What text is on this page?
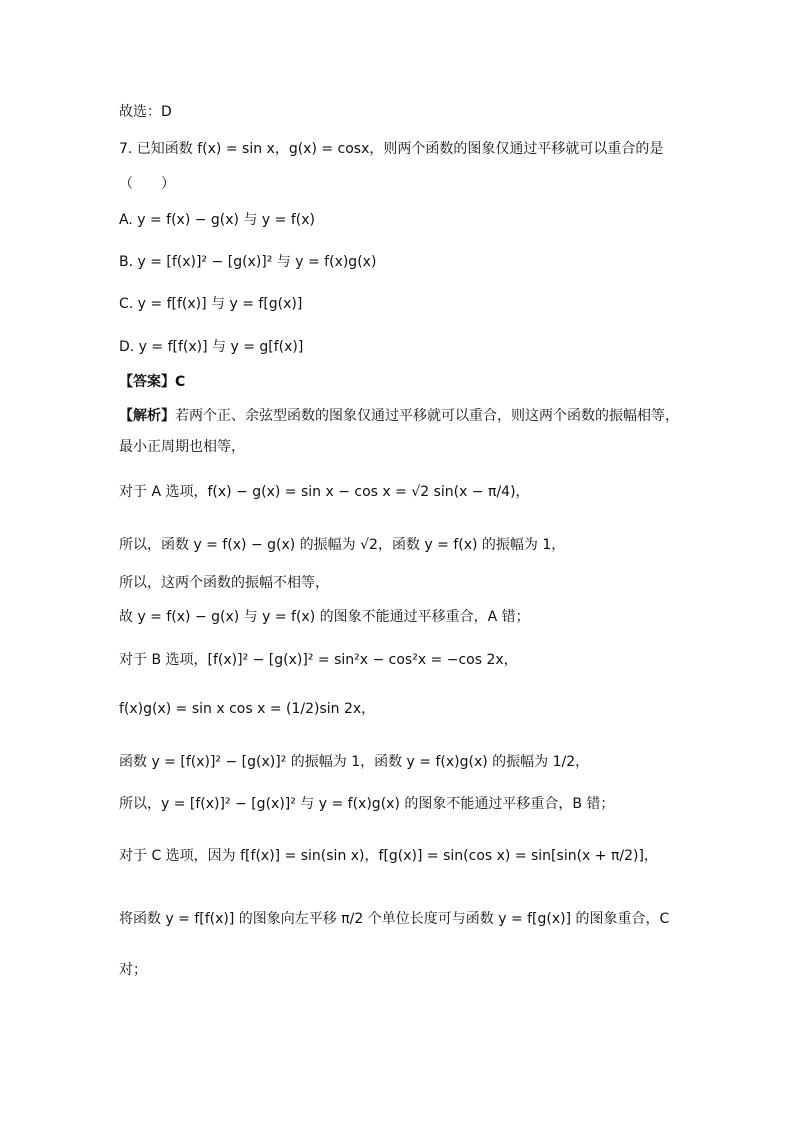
故选：D
7. 已知函数 f(x) = sin x，g(x) = cosx，则两个函数的图象仅通过平移就可以重合的是
（　　）
A. y = f(x) − g(x) 与 y = f(x)
B. y = [f(x)]² − [g(x)]² 与 y = f(x)g(x)
C. y = f[f(x)] 与 y = f[g(x)]
D. y = f[f(x)] 与 y = g[f(x)]
【答案】C
【解析】若两个正、余弦型函数的图象仅通过平移就可以重合，则这两个函数的振幅相等，
最小正周期也相等，
对于 A 选项，f(x) − g(x) = sin x − cos x = √2 sin(x − π/4)，
所以，函数 y = f(x) − g(x) 的振幅为 √2，函数 y = f(x) 的振幅为 1，
所以，这两个函数的振幅不相等，
故 y = f(x) − g(x) 与 y = f(x) 的图象不能通过平移重合，A 错；
对于 B 选项，[f(x)]² − [g(x)]² = sin²x − cos²x = −cos 2x，
f(x)g(x) = sin x cos x = (1/2)sin 2x，
函数 y = [f(x)]² − [g(x)]² 的振幅为 1，函数 y = f(x)g(x) 的振幅为 1/2，
所以，y = [f(x)]² − [g(x)]² 与 y = f(x)g(x) 的图象不能通过平移重合，B 错；
对于 C 选项，因为 f[f(x)] = sin(sin x)，f[g(x)] = sin(cos x) = sin[sin(x + π/2)]，
将函数 y = f[f(x)] 的图象向左平移 π/2 个单位长度可与函数 y = f[g(x)] 的图象重合，C
对；
